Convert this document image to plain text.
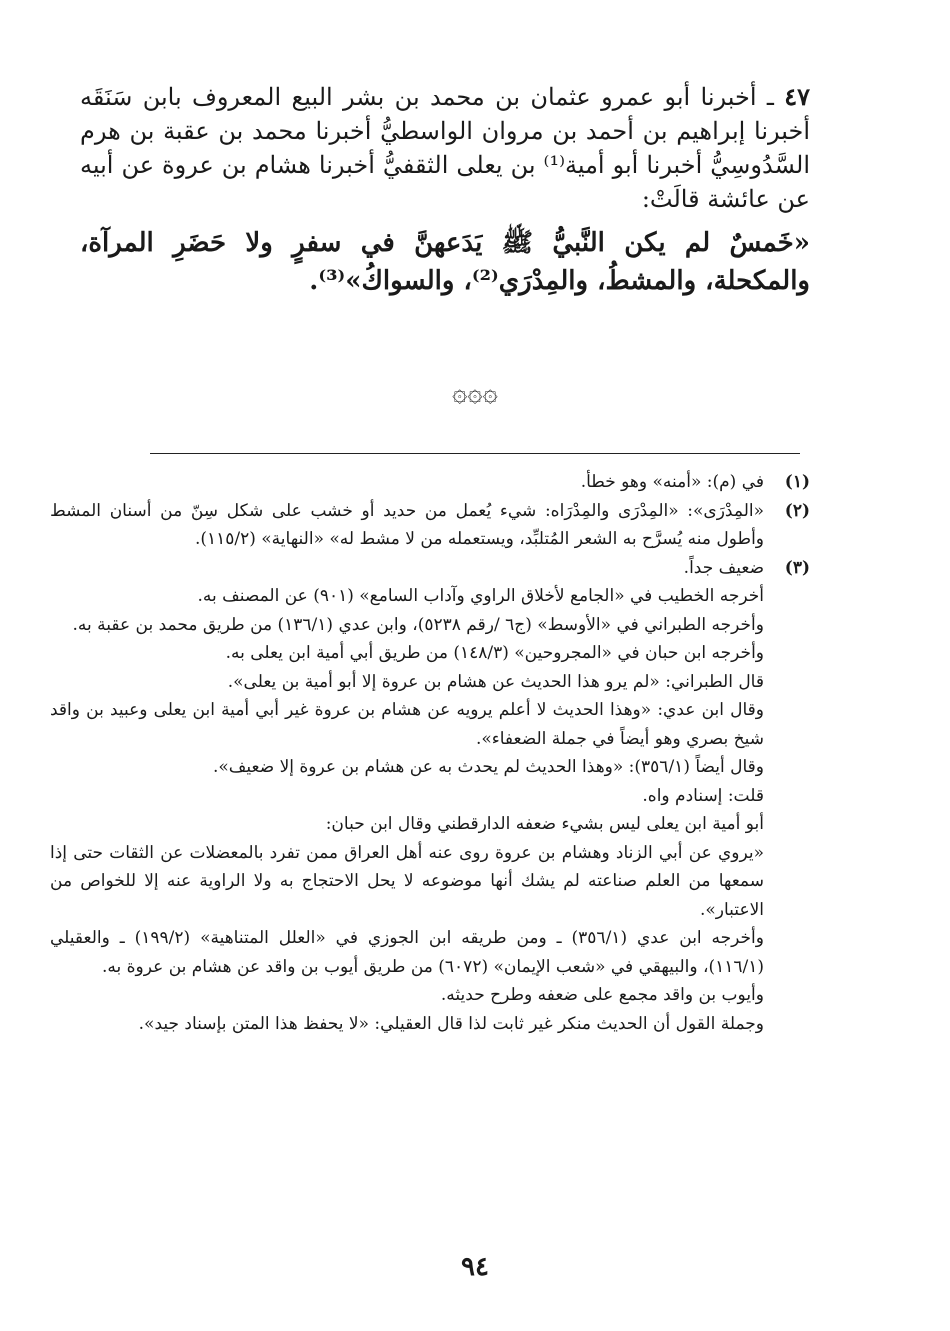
٤٧ ـ أخبرنا أبو عمرو عثمان بن محمد بن بشر البيع المعروف بابن سَنَقَه أخبرنا إبراهيم بن أحمد بن مروان الواسطيُّ أخبرنا محمد بن عقبة بن هرم السَّدُوسِيُّ أخبرنا أبو أمية⁽¹⁾ بن يعلى الثقفيُّ أخبرنا هشام بن عروة عن أبيه عن عائشة قالَتْ:

«خَمسٌ لم يكن النَّبيُّ ﷺ يَدَعهنَّ في سفرٍ ولا حَضَرِ المرآة، والمكحلة، والمشطُ، والمِدْرَي⁽²⁾، والسواكُ»⁽³⁾.

۞۞۞
(١)
في (م): «أمنه» وهو خطأ.
(٢)
«المِدْرَى»: «المِدْرَى والمِدْرَاه: شيء يُعمل من حديد أو خشب على شكل سِنّ من أسنان المشط وأطول منه يُسرَّح به الشعر المُتلبِّد، ويستعمله من لا مشط له» «النهاية» (١١٥/٢).
(٣)
ضعيف جداً.
أخرجه الخطيب في «الجامع لأخلاق الراوي وآداب السامع» (٩٠١) عن المصنف به.
وأخرجه الطبراني في «الأوسط» (ج٦ /رقم ٥٢٣٨)، وابن عدي (١٣٦/١) من طريق محمد بن عقبة به.
وأخرجه ابن حبان في «المجروحين» (١٤٨/٣) من طريق أبي أمية ابن يعلى به.
قال الطبراني: «لم يرو هذا الحديث عن هشام بن عروة إلا أبو أمية بن يعلى».
وقال ابن عدي: «وهذا الحديث لا أعلم يرويه عن هشام بن عروة غير أبي أمية ابن يعلى وعبيد بن واقد شيخ بصري وهو أيضاً في جملة الضعفاء».
وقال أيضاً (٣٥٦/١): «وهذا الحديث لم يحدث به عن هشام بن عروة إلا ضعيف».
قلت: إسنادم واه.
أبو أمية ابن يعلى ليس بشيء ضعفه الدارقطني وقال ابن حبان:
«يروي عن أبي الزناد وهشام بن عروة روى عنه أهل العراق ممن تفرد بالمعضلات عن الثقات حتى إذا سمعها من العلم صناعته لم يشك أنها موضوعه لا يحل الاحتجاج به ولا الراوية عنه إلا للخواص من الاعتبار».
وأخرجه ابن عدي (٣٥٦/١) ـ ومن طريقه ابن الجوزي في «العلل المتناهية» (١٩٩/٢) ـ والعقيلي (١١٦/١)، والبيهقي في «شعب الإيمان» (٦٠٧٢) من طريق أيوب بن واقد عن هشام بن عروة به.
وأيوب بن واقد مجمع على ضعفه وطرح حديثه.
وجملة القول أن الحديث منكر غير ثابت لذا قال العقيلي: «لا يحفظ هذا المتن بإسناد جيد».
٩٤
